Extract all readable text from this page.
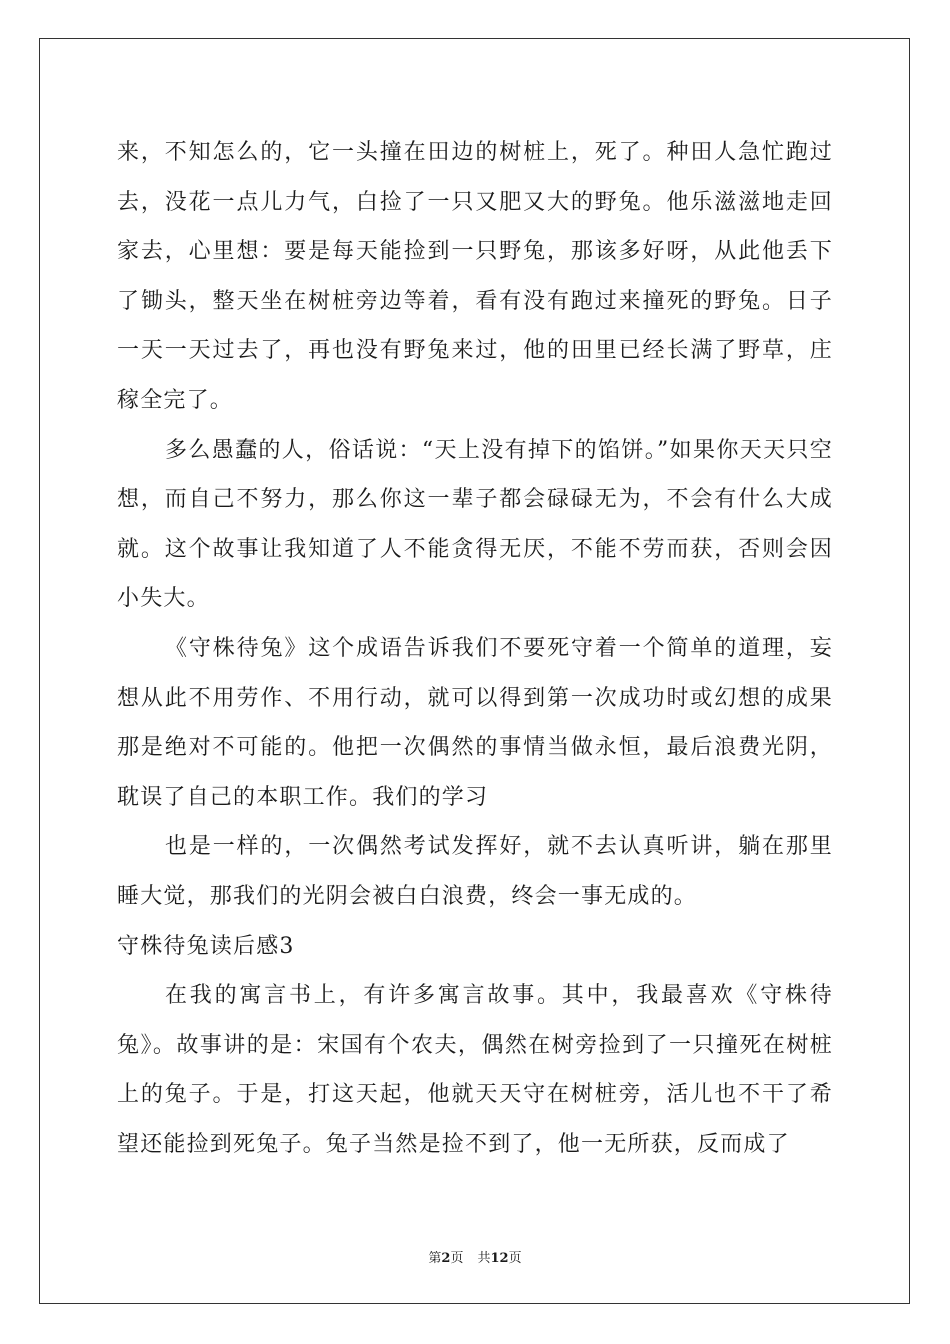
来，不知怎么的，它一头撞在田边的树桩上，死了。种田人急忙跑过去，没花一点儿力气，白捡了一只又肥又大的野兔。他乐滋滋地走回家去，心里想：要是每天能捡到一只野兔，那该多好呀，从此他丢下了锄头，整天坐在树桩旁边等着，看有没有跑过来撞死的野兔。日子一天一天过去了，再也没有野兔来过，他的田里已经长满了野草，庄稼全完了。

多么愚蠢的人，俗话说：“天上没有掉下的馅饼。”如果你天天只空想，而自己不努力，那么你这一辈子都会碌碌无为，不会有什么大成就。这个故事让我知道了人不能贪得无厌，不能不劳而获，否则会因小失大。

《守株待兔》这个成语告诉我们不要死守着一个简单的道理，妄想从此不用劳作、不用行动，就可以得到第一次成功时或幻想的成果那是绝对不可能的。他把一次偶然的事情当做永恒，最后浪费光阴，耽误了自己的本职工作。我们的学习

也是一样的，一次偶然考试发挥好，就不去认真听讲，躺在那里睡大觉，那我们的光阴会被白白浪费，终会一事无成的。

守株待兔读后感3

在我的寓言书上，有许多寓言故事。其中，我最喜欢《守株待兔》。故事讲的是：宋国有个农夫，偶然在树旁捡到了一只撞死在树桩上的兔子。于是，打这天起，他就天天守在树桩旁，活儿也不干了希望还能捡到死兔子。兔子当然是捡不到了，他一无所获，反而成了

第2页 共12页
